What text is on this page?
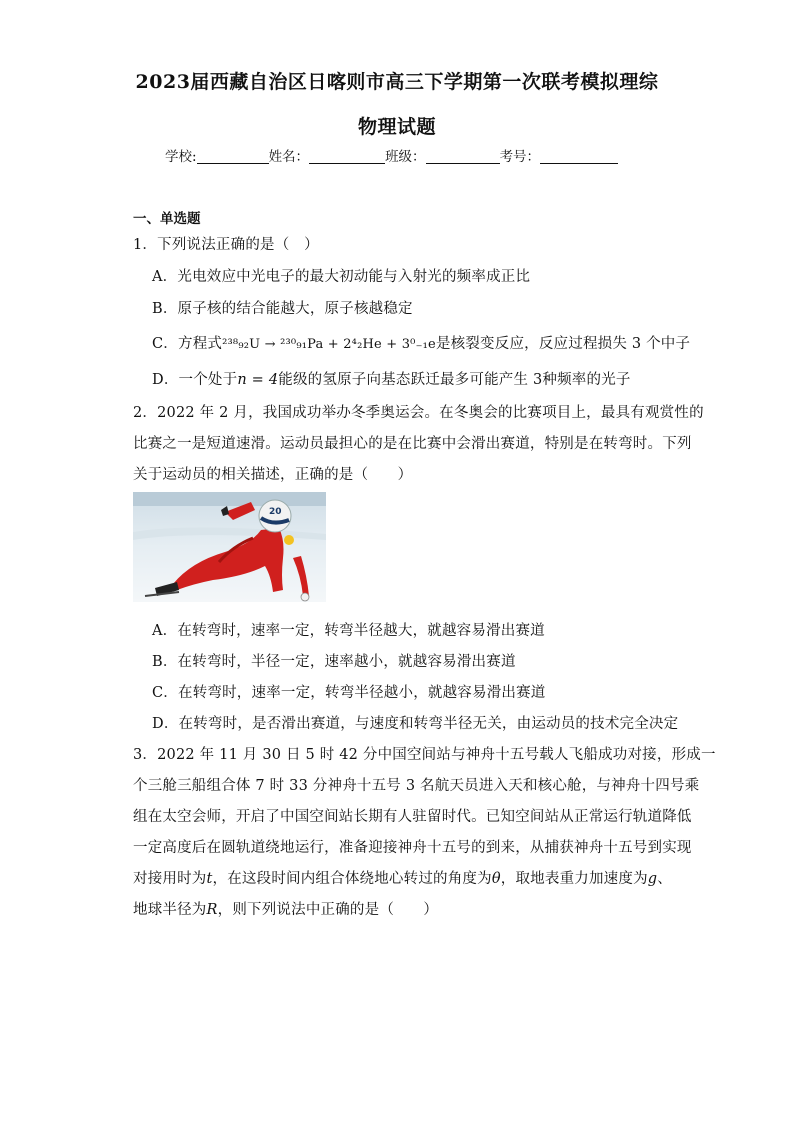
2023届西藏自治区日喀则市高三下学期第一次联考模拟理综
物理试题
学校:	姓名：	班级：	考号：
一、单选题
1．下列说法正确的是（　）
A．光电效应中光电子的最大初动能与入射光的频率成正比
B．原子核的结合能越大，原子核越稳定
C．方程式²³⁸₉₂U → ²³⁰₉₁Pa + 2⁴₂He + 3⁰₋₁e是核裂变反应，反应过程损失 3 个中子
D．一个处于n = 4能级的氢原子向基态跃迁最多可能产生 3种频率的光子
2．2022 年 2 月，我国成功举办冬季奥运会。在冬奥会的比赛项目上，最具有观赏性的
比赛之一是短道速滑。运动员最担心的是在比赛中会滑出赛道，特别是在转弯时。下列
关于运动员的相关描述，正确的是（　　）
20
A．在转弯时，速率一定，转弯半径越大，就越容易滑出赛道
B．在转弯时，半径一定，速率越小，就越容易滑出赛道
C．在转弯时，速率一定，转弯半径越小，就越容易滑出赛道
D．在转弯时，是否滑出赛道，与速度和转弯半径无关，由运动员的技术完全决定
3．2022 年 11 月 30 日 5 时 42 分中国空间站与神舟十五号载人飞船成功对接，形成一
个三舱三船组合体 7 时 33 分神舟十五号 3 名航天员进入天和核心舱，与神舟十四号乘
组在太空会师，开启了中国空间站长期有人驻留时代。已知空间站从正常运行轨道降低
一定高度后在圆轨道绕地运行，准备迎接神舟十五号的到来，从捕获神舟十五号到实现
对接用时为t，在这段时间内组合体绕地心转过的角度为θ，取地表重力加速度为g、
地球半径为R，则下列说法中正确的是（　　）
